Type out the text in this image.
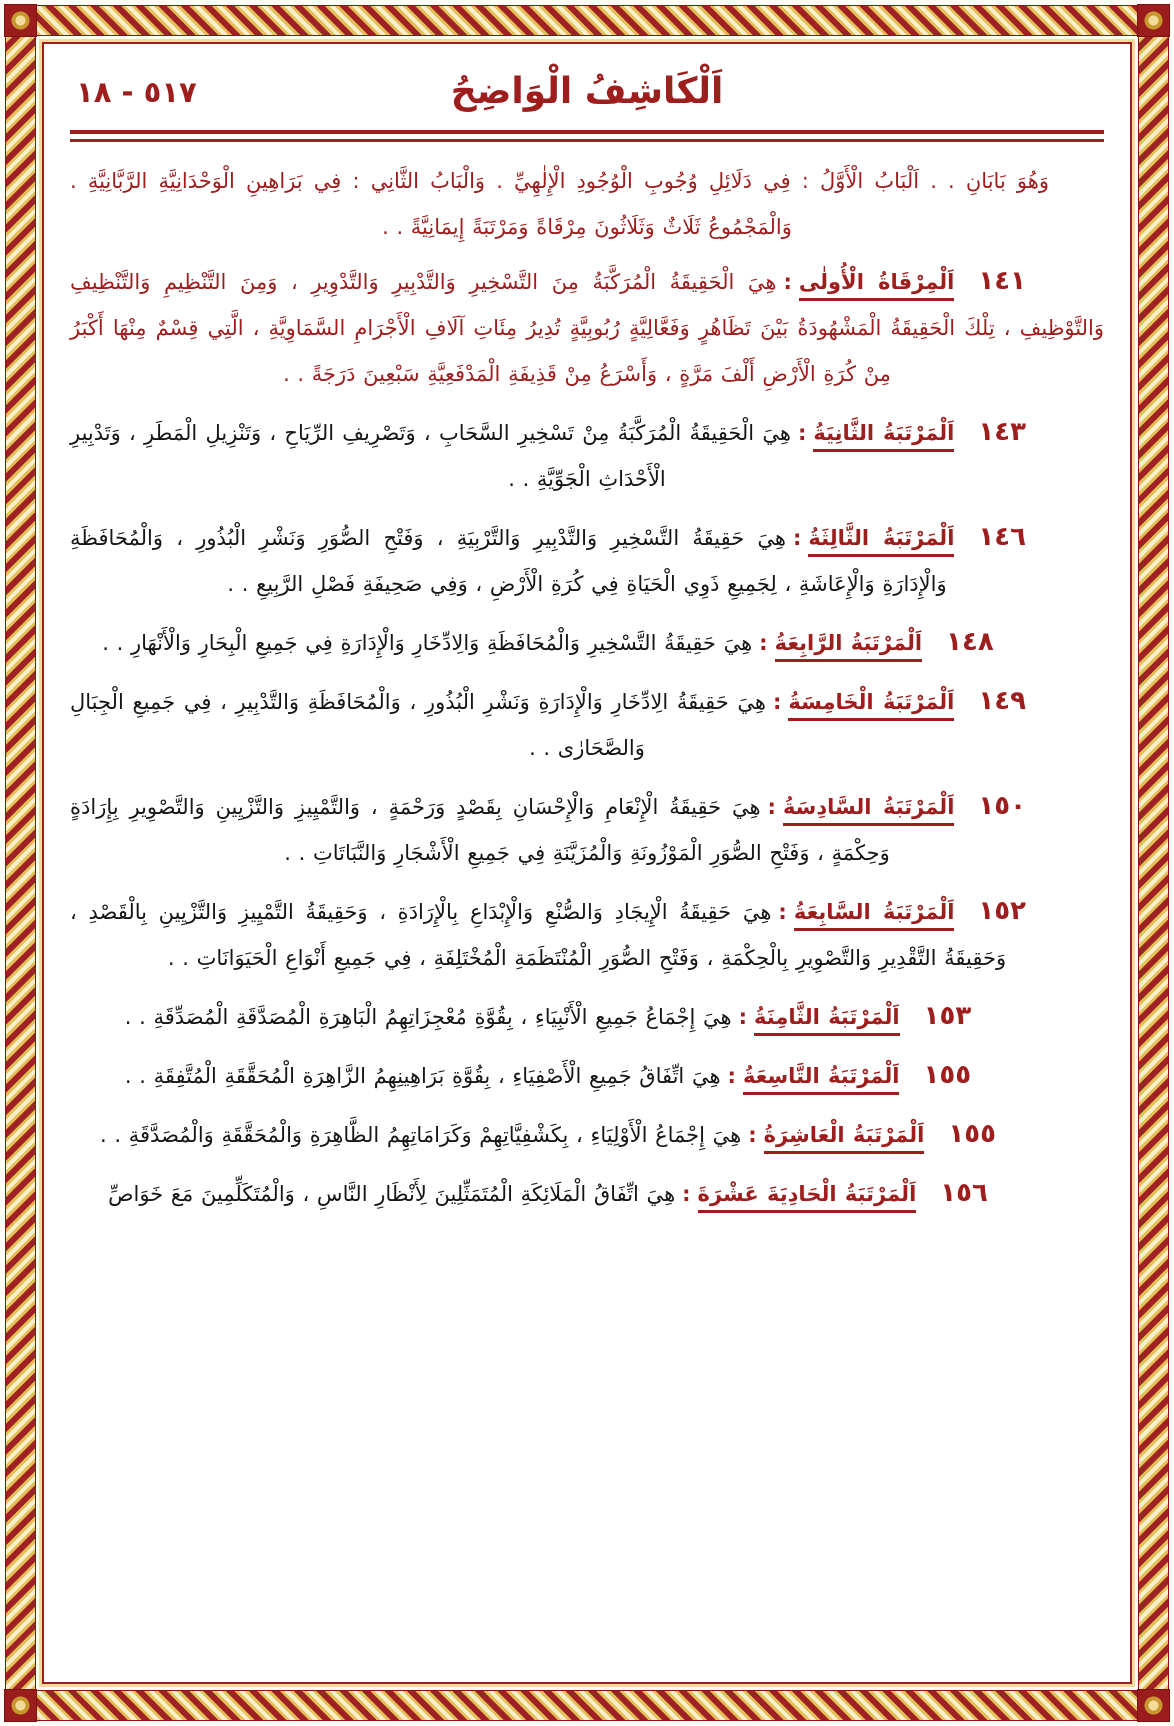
٥١٧ - ١٨	اَلْكَاشِفُ الْوَاضِحُ

وَهُوَ بَابَانِ . . اَلْبَابُ الْأَوَّلُ : فِي دَلَائِلِ وُجُوبِ الْوُجُودِ الْإِلٰهِيِّ . وَالْبَابُ الثَّانِي : فِي بَرَاهِينِ الْوَحْدَانِيَّةِ الرَّبَّانِيَّةِ . وَالْمَجْمُوعُ ثَلَاثٌ وَثَلَاثُونَ مِرْقَاةً وَمَرْتَبَةً إِيمَانِيَّةً . .

١٤١اَلْمِرْقَاةُ الْأُولٰى:هِيَ الْحَقِيقَةُ الْمُرَكَّبَةُ مِنَ التَّسْخِيرِ وَالتَّدْبِيرِ وَالتَّدْوِيرِ ، وَمِنَ التَّنْظِيمِ وَالتَّنْظِيفِ وَالتَّوْظِيفِ ، تِلْكَ الْحَقِيقَةُ الْمَشْهُودَةُ بَيْنَ تَظَاهُرٍ وَفَعَّالِيَّةٍ رُبُوبِيَّةٍ تُدِيرُ مِئَاتِ آلَافِ الْأَجْرَامِ السَّمَاوِيَّةِ ، الَّتِي قِسْمٌ مِنْهَا أَكْبَرُ مِنْ كُرَةِ الْأَرْضِ أَلْفَ مَرَّةٍ ، وَأَسْرَعُ مِنْ قَذِيفَةِ الْمَدْفَعِيَّةِ سَبْعِينَ دَرَجَةً . .

١٤٣اَلْمَرْتَبَةُ الثَّانِيَةُ:هِيَ الْحَقِيقَةُ الْمُرَكَّبَةُ مِنْ تَسْخِيرِ السَّحَابِ ، وَتَصْرِيفِ الرِّيَاحِ ، وَتَنْزِيلِ الْمَطَرِ ، وَتَدْبِيرِ الْأَحْدَاثِ الْجَوِّيَّةِ . .

١٤٦اَلْمَرْتَبَةُ الثَّالِثَةُ:هِيَ حَقِيقَةُ التَّسْخِيرِ وَالتَّدْبِيرِ وَالتَّرْبِيَةِ ، وَفَتْحِ الصُّوَرِ وَنَشْرِ الْبُذُورِ ، وَالْمُحَافَظَةِ وَالْإِدَارَةِ وَالْإِعَاشَةِ ، لِجَمِيعِ ذَوِي الْحَيَاةِ فِي كُرَةِ الْأَرْضِ ، وَفِي صَحِيفَةِ فَصْلِ الرَّبِيعِ . .

١٤٨اَلْمَرْتَبَةُ الرَّابِعَةُ:هِيَ حَقِيقَةُ التَّسْخِيرِ وَالْمُحَافَظَةِ وَالِادِّخَارِ وَالْإِدَارَةِ فِي جَمِيعِ الْبِحَارِ وَالْأَنْهَارِ . .

١٤٩اَلْمَرْتَبَةُ الْخَامِسَةُ:هِيَ حَقِيقَةُ الِادِّخَارِ وَالْإِدَارَةِ وَنَشْرِ الْبُذُورِ ، وَالْمُحَافَظَةِ وَالتَّدْبِيرِ ، فِي جَمِيعِ الْجِبَالِ وَالصَّحَارٰى . .

١٥٠اَلْمَرْتَبَةُ السَّادِسَةُ:هِيَ حَقِيقَةُ الْإِنْعَامِ وَالْإِحْسَانِ بِقَصْدٍ وَرَحْمَةٍ ، وَالتَّمْيِيزِ وَالتَّزْيِينِ وَالتَّصْوِيرِ بِإِرَادَةٍ وَحِكْمَةٍ ، وَفَتْحِ الصُّوَرِ الْمَوْزُونَةِ وَالْمُزَيَّنَةِ فِي جَمِيعِ الْأَشْجَارِ وَالنَّبَاتَاتِ . .

١٥٢اَلْمَرْتَبَةُ السَّابِعَةُ:هِيَ حَقِيقَةُ الْإِيجَادِ وَالصُّنْعِ وَالْإِبْدَاعِ بِالْإِرَادَةِ ، وَحَقِيقَةُ التَّمْيِيزِ وَالتَّزْيِينِ بِالْقَصْدِ ، وَحَقِيقَةُ التَّقْدِيرِ وَالتَّصْوِيرِ بِالْحِكْمَةِ ، وَفَتْحِ الصُّوَرِ الْمُنْتَظَمَةِ الْمُخْتَلِفَةِ ، فِي جَمِيعِ أَنْوَاعِ الْحَيَوَانَاتِ . .

١٥٣اَلْمَرْتَبَةُ الثَّامِنَةُ:هِيَ إِجْمَاعُ جَمِيعِ الْأَنْبِيَاءِ ، بِقُوَّةِ مُعْجِزَاتِهِمُ الْبَاهِرَةِ الْمُصَدَّقَةِ الْمُصَدِّقَةِ . .

١٥٥اَلْمَرْتَبَةُ التَّاسِعَةُ:هِيَ اتِّفَاقُ جَمِيعِ الْأَصْفِيَاءِ ، بِقُوَّةِ بَرَاهِينِهِمُ الزَّاهِرَةِ الْمُحَقَّقَةِ الْمُتَّفِقَةِ . .

١٥٥اَلْمَرْتَبَةُ الْعَاشِرَةُ:هِيَ إِجْمَاعُ الْأَوْلِيَاءِ ، بِكَشْفِيَّاتِهِمْ وَكَرَامَاتِهِمُ الظَّاهِرَةِ وَالْمُحَقَّقَةِ وَالْمُصَدَّقَةِ . .

١٥٦اَلْمَرْتَبَةُ الْحَادِيَةَ عَشْرَةَ:هِيَ اتِّفَاقُ الْمَلَائِكَةِ الْمُتَمَثِّلِينَ لِأَنْظَارِ النَّاسِ ، وَالْمُتَكَلِّمِينَ مَعَ خَوَاصِّ
